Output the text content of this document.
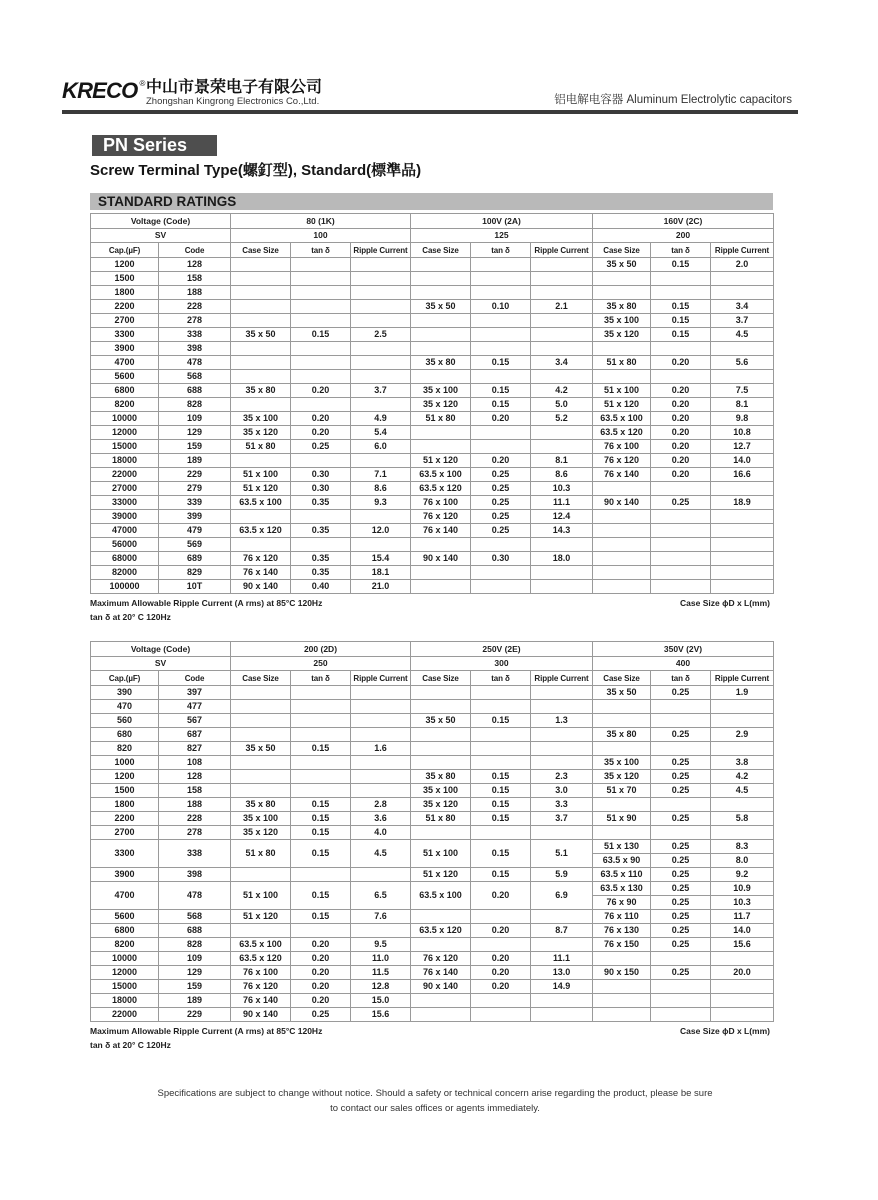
KRECO ® 中山市景荣电子有限公司
Zhongshan Kingrong Electronics Co.,Ltd.	铝电解电容器 Aluminum Electrolytic capacitors
PN Series
Screw Terminal Type(螺釘型), Standard(標準品)
STANDARD RATINGS
Voltage (Code)		80 (1K)			100V (2A)			160V (2C)		
SV		100			125			200		
Cap.(µF)	Code	Case Size	tan δ	Ripple Current	Case Size	tan δ	Ripple Current	Case Size	tan δ	Ripple Current
1200	128							35 x 50	0.15	2.0
1500	158									
1800	188									
2200	228				35 x 50	0.10	2.1	35 x 80	0.15	3.4
2700	278							35 x 100	0.15	3.7
3300	338	35 x 50	0.15	2.5				35 x 120	0.15	4.5
3900	398									
4700	478				35 x 80	0.15	3.4	51 x 80	0.20	5.6
5600	568									
6800	688	35 x 80	0.20	3.7	35 x 100	0.15	4.2	51 x 100	0.20	7.5
8200	828				35 x 120	0.15	5.0	51 x 120	0.20	8.1
10000	109	35 x 100	0.20	4.9	51 x 80	0.20	5.2	63.5 x 100	0.20	9.8
12000	129	35 x 120	0.20	5.4				63.5 x 120	0.20	10.8
15000	159	51 x 80	0.25	6.0				76 x 100	0.20	12.7
18000	189				51 x 120	0.20	8.1	76 x 120	0.20	14.0
22000	229	51 x 100	0.30	7.1	63.5 x 100	0.25	8.6	76 x 140	0.20	16.6
27000	279	51 x 120	0.30	8.6	63.5 x 120	0.25	10.3			
33000	339	63.5 x 100	0.35	9.3	76 x 100	0.25	11.1	90 x 140	0.25	18.9
39000	399				76 x 120	0.25	12.4			
47000	479	63.5 x 120	0.35	12.0	76 x 140	0.25	14.3			
56000	569									
68000	689	76 x 120	0.35	15.4	90 x 140	0.30	18.0			
82000	829	76 x 140	0.35	18.1						
100000	10T	90 x 140	0.40	21.0						
Maximum Allowable Ripple Current (A rms) at 85°C 120Hz
tan δ at 20° C 120Hz
Case Size ϕD x L(mm)
Voltage (Code)		200 (2D)			250V (2E)			350V (2V)		
SV		250			300			400		
Cap.(µF)	Code	Case Size	tan δ	Ripple Current	Case Size	tan δ	Ripple Current	Case Size	tan δ	Ripple Current
390	397							35 x 50	0.25	1.9
470	477									
560	567				35 x 50	0.15	1.3			
680	687							35 x 80	0.25	2.9
820	827	35 x 50	0.15	1.6						
1000	108							35 x 100	0.25	3.8
1200	128				35 x 80	0.15	2.3	35 x 120	0.25	4.2
1500	158				35 x 100	0.15	3.0	51 x 70	0.25	4.5
1800	188	35 x 80	0.15	2.8	35 x 120	0.15	3.3			
2200	228	35 x 100	0.15	3.6	51 x 80	0.15	3.7	51 x 90	0.25	5.8
2700	278	35 x 120	0.15	4.0						
3300	338	51 x 80	0.15	4.5	51 x 100	0.15	5.1	51 x 130	0.25	8.3
								63.5 x 90	0.25	8.0
3900	398				51 x 120	0.15	5.9	63.5 x 110	0.25	9.2
4700	478	51 x 100	0.15	6.5	63.5 x 100	0.20	6.9	63.5 x 130	0.25	10.9
								76 x 90	0.25	10.3
5600	568	51 x 120	0.15	7.6				76 x 110	0.25	11.7
6800	688				63.5 x 120	0.20	8.7	76 x 130	0.25	14.0
8200	828	63.5 x 100	0.20	9.5				76 x 150	0.25	15.6
10000	109	63.5 x 120	0.20	11.0	76 x 120	0.20	11.1			
12000	129	76 x 100	0.20	11.5	76 x 140	0.20	13.0	90 x 150	0.25	20.0
15000	159	76 x 120	0.20	12.8	90 x 140	0.20	14.9			
18000	189	76 x 140	0.20	15.0						
22000	229	90 x 140	0.25	15.6						
Maximum Allowable Ripple Current (A rms) at 85°C 120Hz
tan δ at 20° C 120Hz
Case Size ϕD x L(mm)
Specifications are subject to change without notice. Should a safety or technical concern arise regarding the product, please be sure
to contact our sales offices or agents immediately.
